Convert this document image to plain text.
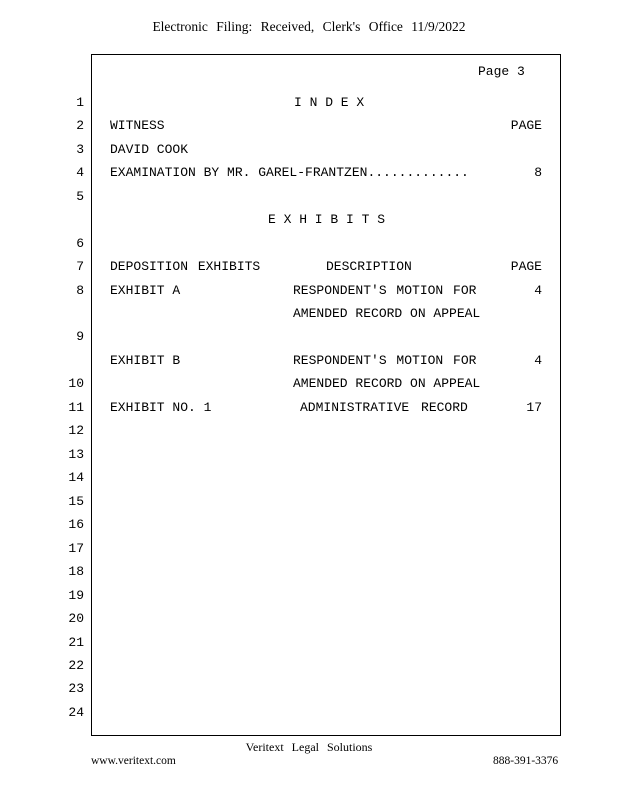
Electronic Filing: Received, Clerk's Office 11/9/2022
Page 3
1
2
3
4
5
6
7
8
9
10
11
12
13
14
15
16
17
18
19
20
21
22
23
24
I N D E X
WITNESS	PAGE
DAVID COOK
EXAMINATION BY MR. GAREL-FRANTZEN.............	8
E X H I B I T S
DEPOSITION EXHIBITS	DESCRIPTION	PAGE
EXHIBIT A	RESPONDENT'S MOTION FOR	4
AMENDED RECORD ON APPEAL
EXHIBIT B	RESPONDENT'S MOTION FOR	4
AMENDED RECORD ON APPEAL
EXHIBIT NO. 1	ADMINISTRATIVE RECORD	17
Veritext Legal Solutions
www.veritext.com	888-391-3376
